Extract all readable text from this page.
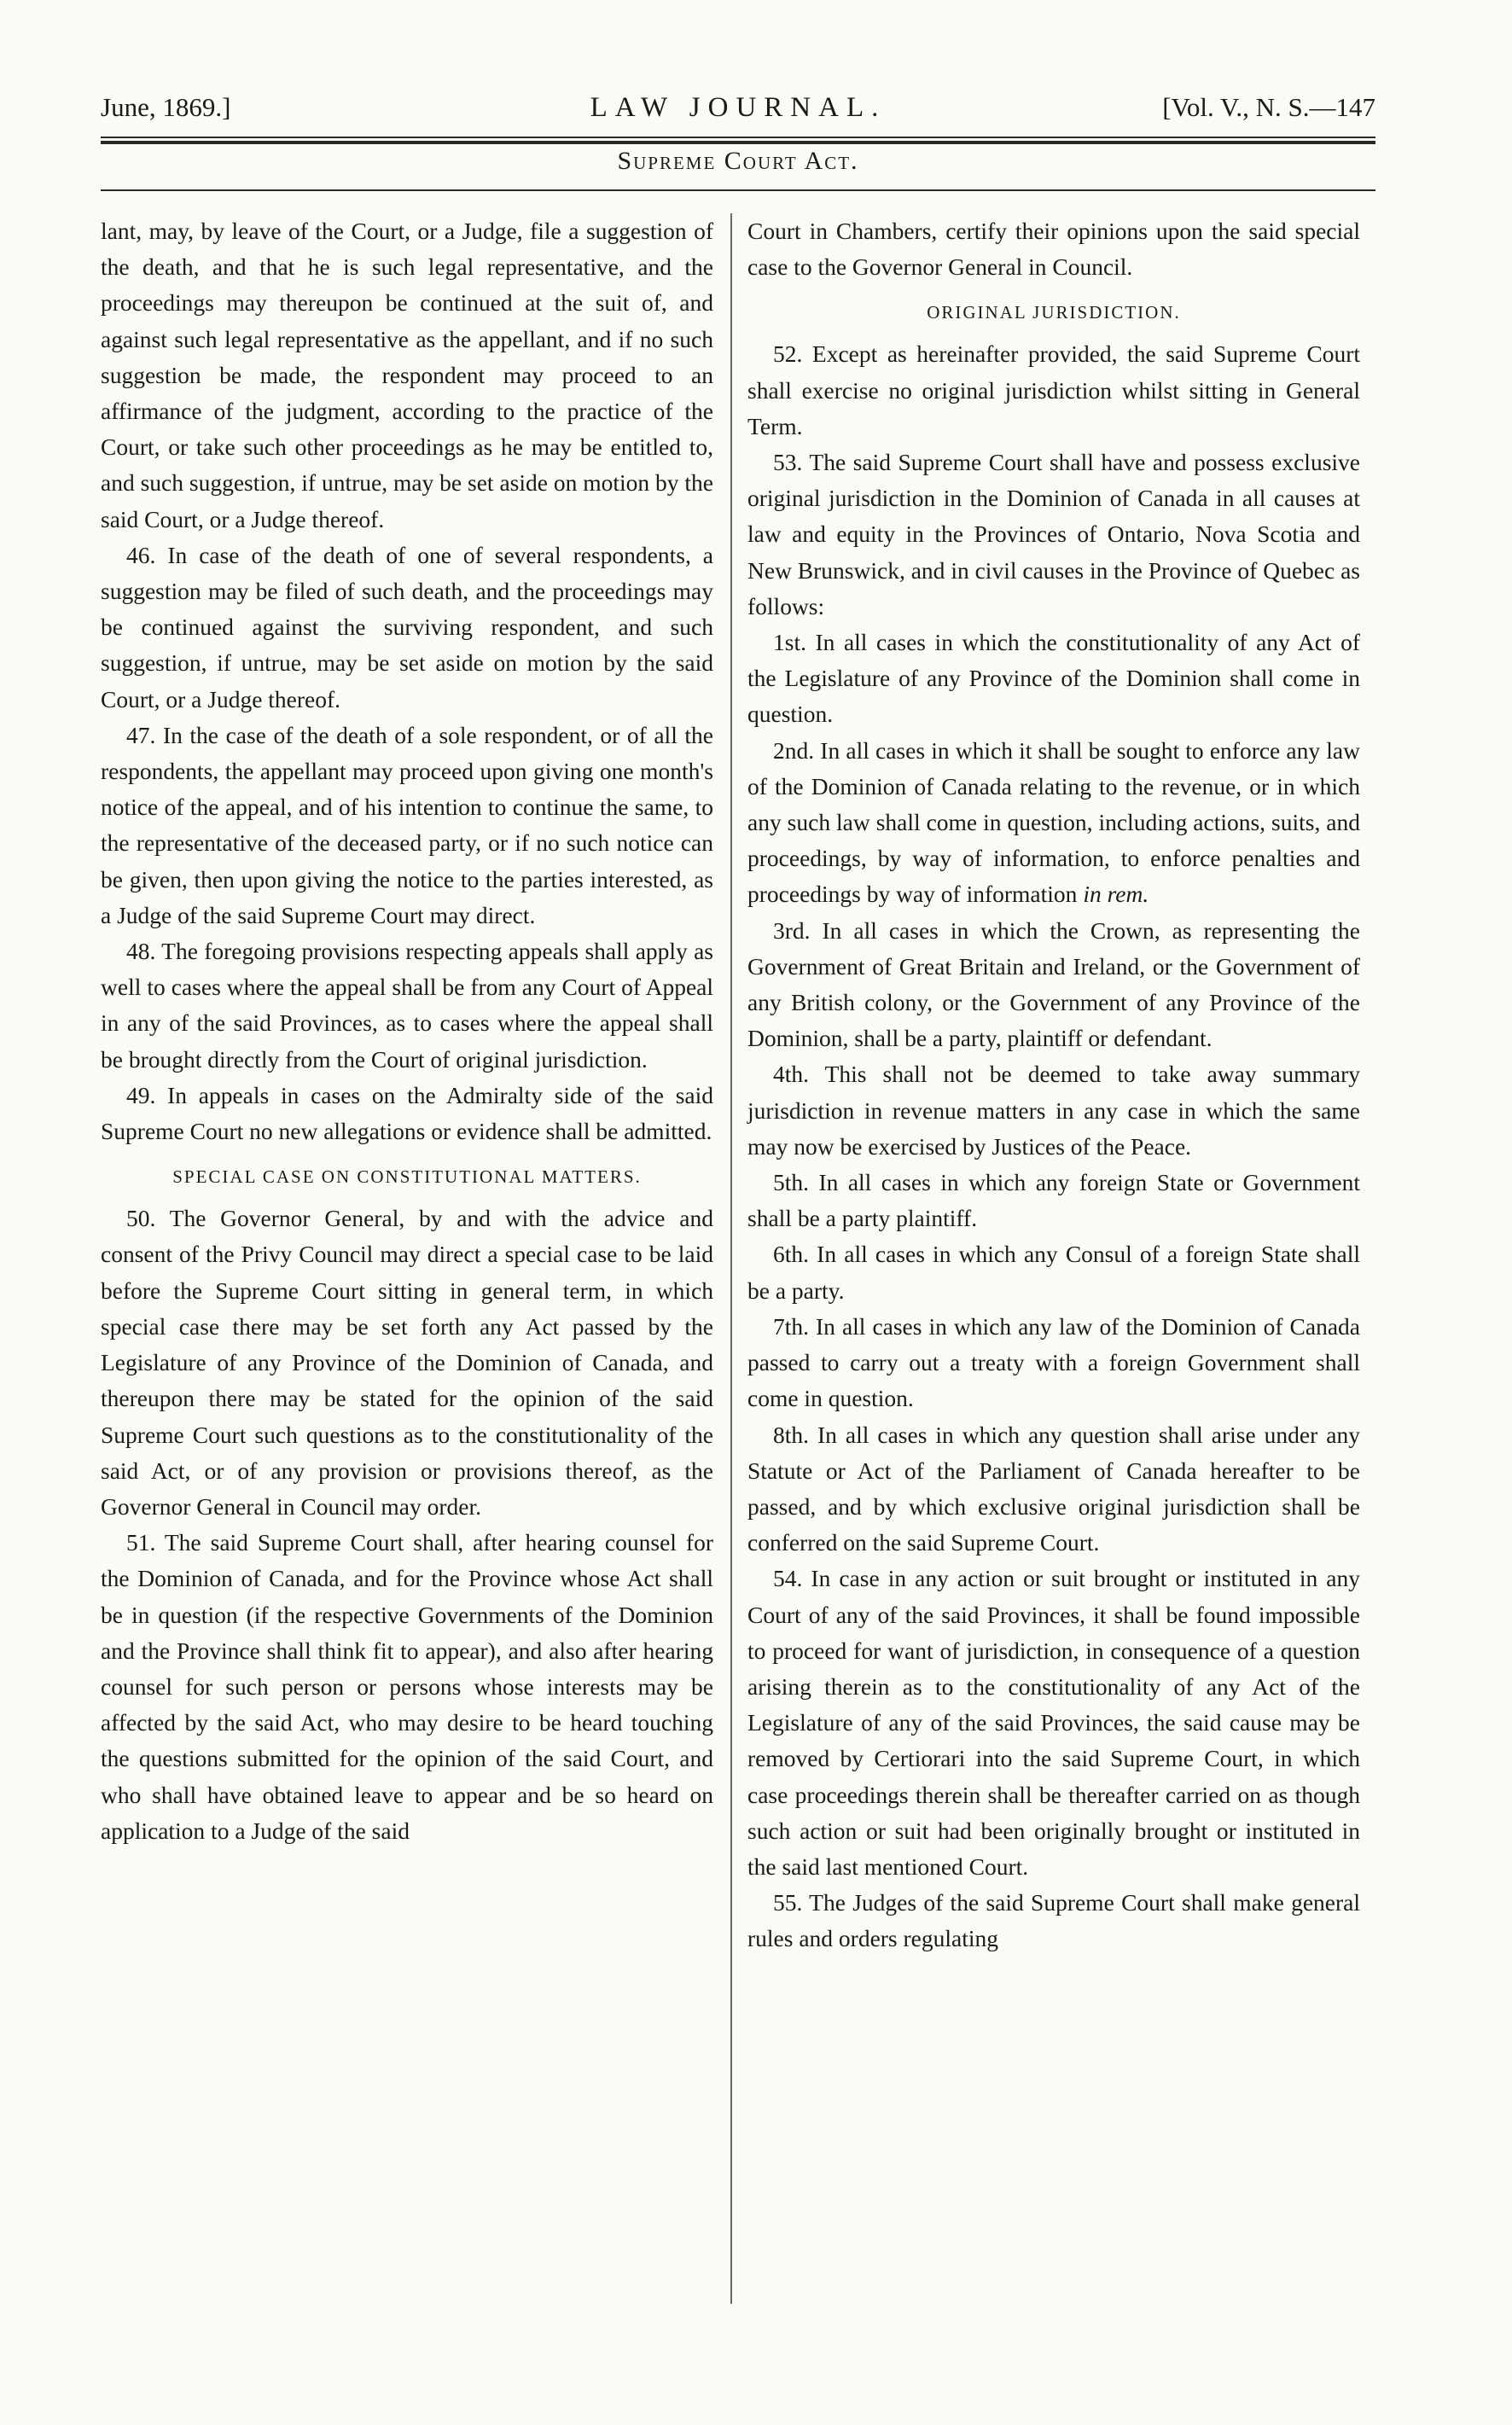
June, 1869.]	LAW JOURNAL.	[Vol. V., N. S.—147
Supreme Court Act.

lant, may, by leave of the Court, or a Judge, file a suggestion of the death, and that he is such legal representative, and the proceedings may thereupon be continued at the suit of, and against such legal representative as the appellant, and if no such suggestion be made, the respondent may proceed to an affirmance of the judgment, according to the practice of the Court, or take such other proceedings as he may be entitled to, and such suggestion, if untrue, may be set aside on motion by the said Court, or a Judge thereof.

46. In case of the death of one of several respondents, a suggestion may be filed of such death, and the proceedings may be continued against the surviving respondent, and such suggestion, if untrue, may be set aside on motion by the said Court, or a Judge thereof.

47. In the case of the death of a sole respondent, or of all the respondents, the appellant may proceed upon giving one month's notice of the appeal, and of his intention to continue the same, to the representative of the deceased party, or if no such notice can be given, then upon giving the notice to the parties interested, as a Judge of the said Supreme Court may direct.

48. The foregoing provisions respecting appeals shall apply as well to cases where the appeal shall be from any Court of Appeal in any of the said Provinces, as to cases where the appeal shall be brought directly from the Court of original jurisdiction.

49. In appeals in cases on the Admiralty side of the said Supreme Court no new allegations or evidence shall be admitted.

SPECIAL CASE ON CONSTITUTIONAL MATTERS.

50. The Governor General, by and with the advice and consent of the Privy Council may direct a special case to be laid before the Supreme Court sitting in general term, in which special case there may be set forth any Act passed by the Legislature of any Province of the Dominion of Canada, and thereupon there may be stated for the opinion of the said Supreme Court such questions as to the constitutionality of the said Act, or of any provision or provisions thereof, as the Governor General in Council may order.

51. The said Supreme Court shall, after hearing counsel for the Dominion of Canada, and for the Province whose Act shall be in question (if the respective Governments of the Dominion and the Province shall think fit to appear), and also after hearing counsel for such person or persons whose interests may be affected by the said Act, who may desire to be heard touching the questions submitted for the opinion of the said Court, and who shall have obtained leave to appear and be so heard on application to a Judge of the said

Court in Chambers, certify their opinions upon the said special case to the Governor General in Council.

ORIGINAL JURISDICTION.

52. Except as hereinafter provided, the said Supreme Court shall exercise no original jurisdiction whilst sitting in General Term.

53. The said Supreme Court shall have and possess exclusive original jurisdiction in the Dominion of Canada in all causes at law and equity in the Provinces of Ontario, Nova Scotia and New Brunswick, and in civil causes in the Province of Quebec as follows:

1st. In all cases in which the constitutionality of any Act of the Legislature of any Province of the Dominion shall come in question.

2nd. In all cases in which it shall be sought to enforce any law of the Dominion of Canada relating to the revenue, or in which any such law shall come in question, including actions, suits, and proceedings, by way of information, to enforce penalties and proceedings by way of information in rem.

3rd. In all cases in which the Crown, as representing the Government of Great Britain and Ireland, or the Government of any British colony, or the Government of any Province of the Dominion, shall be a party, plaintiff or defendant.

4th. This shall not be deemed to take away summary jurisdiction in revenue matters in any case in which the same may now be exercised by Justices of the Peace.

5th. In all cases in which any foreign State or Government shall be a party plaintiff.

6th. In all cases in which any Consul of a foreign State shall be a party.

7th. In all cases in which any law of the Dominion of Canada passed to carry out a treaty with a foreign Government shall come in question.

8th. In all cases in which any question shall arise under any Statute or Act of the Parliament of Canada hereafter to be passed, and by which exclusive original jurisdiction shall be conferred on the said Supreme Court.

54. In case in any action or suit brought or instituted in any Court of any of the said Provinces, it shall be found impossible to proceed for want of jurisdiction, in consequence of a question arising therein as to the constitutionality of any Act of the Legislature of any of the said Provinces, the said cause may be removed by Certiorari into the said Supreme Court, in which case proceedings therein shall be thereafter carried on as though such action or suit had been originally brought or instituted in the said last mentioned Court.

55. The Judges of the said Supreme Court shall make general rules and orders regulating
